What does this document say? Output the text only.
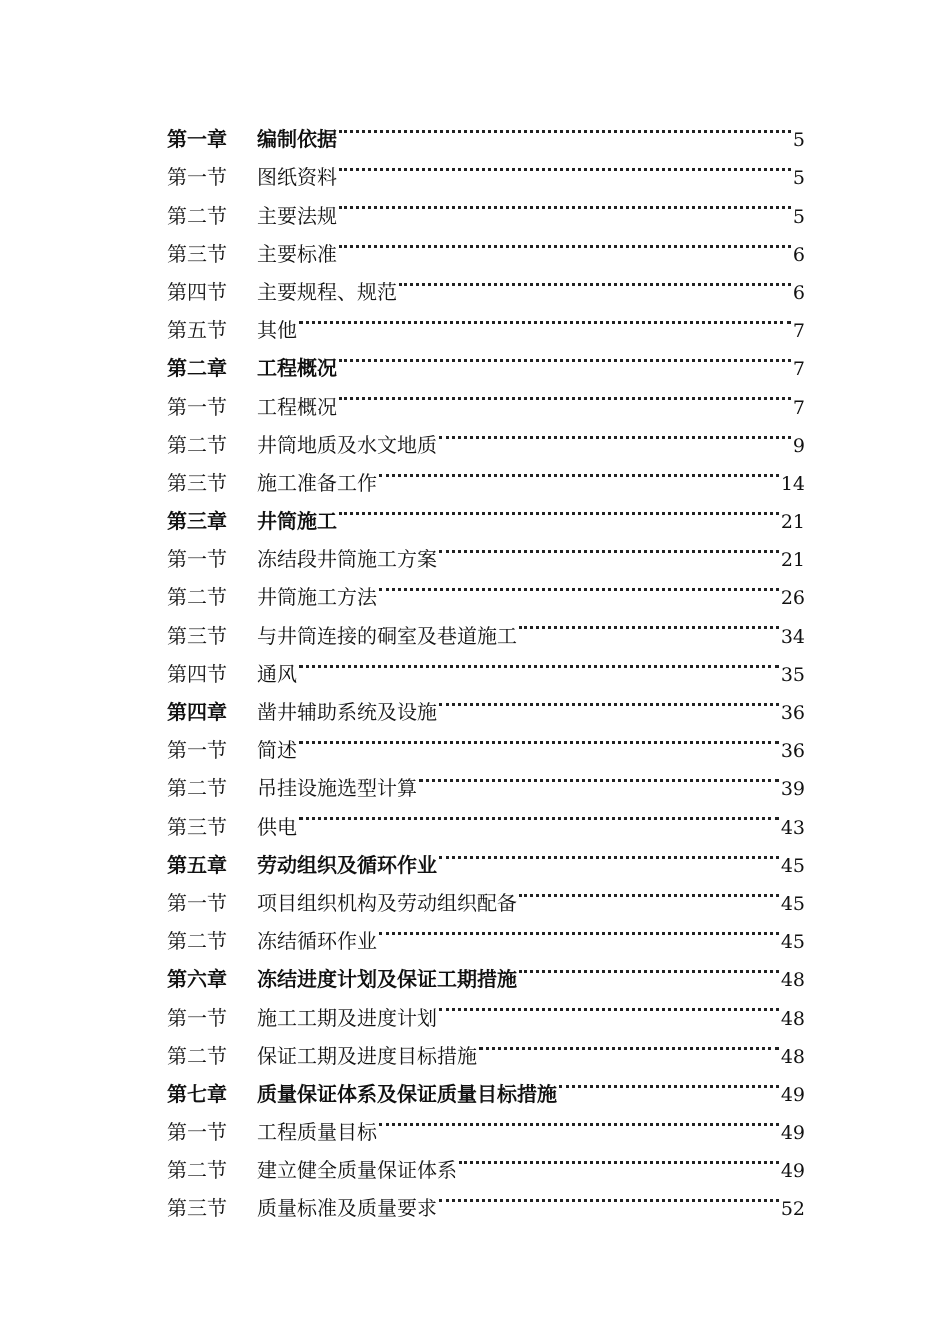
第一章	编制依据	5
第一节	图纸资料	5
第二节	主要法规	5
第三节	主要标准	6
第四节	主要规程、规范	6
第五节	其他	7
第二章	工程概况	7
第一节	工程概况	7
第二节	井筒地质及水文地质	9
第三节	施工准备工作	14
第三章	井筒施工	21
第一节	冻结段井筒施工方案	21
第二节	井筒施工方法	26
第三节	与井筒连接的硐室及巷道施工	34
第四节	通风	35
第四章	凿井辅助系统及设施	36
第一节	简述	36
第二节	吊挂设施选型计算	39
第三节	供电	43
第五章	劳动组织及循环作业	45
第一节	项目组织机构及劳动组织配备	45
第二节	冻结循环作业	45
第六章	冻结进度计划及保证工期措施	48
第一节	施工工期及进度计划	48
第二节	保证工期及进度目标措施	48
第七章	质量保证体系及保证质量目标措施	49
第一节	工程质量目标	49
第二节	建立健全质量保证体系	49
第三节	质量标准及质量要求	52
